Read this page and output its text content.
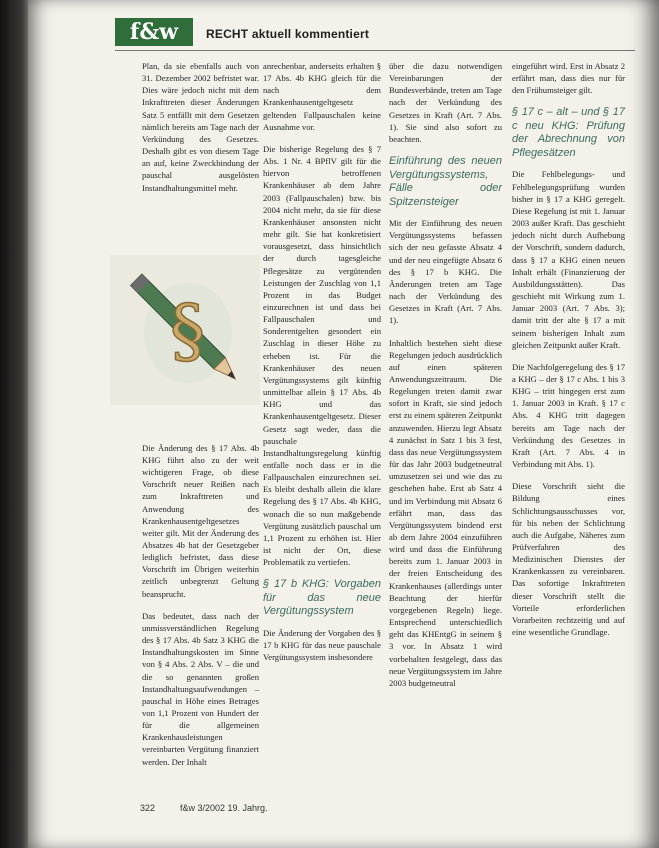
f&w	RECHT aktuell kommentiert

Plan, da sie ebenfalls auch von 31. Dezember 2002 befristet war. Dies wäre jedoch nicht mit dem Inkrafttreten dieser Änderungen Satz 5 entfällt mit dem Gesetzen nämlich bereits am Tage nach der Verkündung des Gesetzes. Deshalb gibt es von diesem Tage an auf, keine Zweckbindung der pauschal ausgelösten Instandhaltungsmittel mehr.

Die Änderung des § 17 Abs. 4b KHG führt also zu der weit wichtigeren Frage, ob diese Vorschrift neuer Reißen nach zum Inkrafttreten und Anwendung des Krankenhausentgeltgesetzes weiter gilt. Mit der Änderung des Absatzes 4b hat der Gesetzgeber lediglich befristet, dass diese Vorschrift im Übrigen weiterhin zeitlich unbegrenzt Geltung beansprucht.

Das bedeutet, dass nach der unmissverständlichen Regelung des § 17 Abs. 4b Satz 3 KHG die Instandhaltungskosten im Sinne von § 4 Abs. 2 Abs. V – die und die so genannten großen Instandhaltungsaufwendungen – pauschal in Höhe eines Betrages von 1,1 Prozent von Hundert der für die allgemeinen Krankenhausleistungen vereinbarten Vergütung finanziert werden. Der Inhalt

§

anrechenbar, anderseits erhalten § 17 Abs. 4b KHG gleich für die nach dem Krankenhausentgeltgesetz geltenden Fallpauschalen keine Ausnahme vor.

Die bisherige Regelung des § 7 Abs. 1 Nr. 4 BPflV gilt für die hiervon betroffenen Krankenhäuser ab dem Jahre 2003 (Fallpauschalen) bzw. bis 2004 nicht mehr, da sie für diese Krankenhäuser ansonsten nicht mehr gilt. Sie hat konkretisiert vorausgesetzt, dass hinsichtlich der durch tagesgleiche Pflegesätze zu vergütenden Leistungen der Zuschlag von 1,1 Prozent in das Budget einzurechnen ist und dass bei Fallpauschalen und Sonderentgelten gesondert ein Zuschlag in dieser Höhe zu erheben ist. Für die Krankenhäuser des neuen Vergütungssystems gilt künftig unmittelbar allein § 17 Abs. 4b KHG und das Krankenhausentgeltgesetz. Dieser Gesetz sagt weder, dass die pauschale Instandhaltungsregelung künftig entfalle noch dass er in die Fallpauschalen einzurechnen sei. Es bleibt deshalb allein die klare Regelung des § 17 Abs. 4b KHG, wonach die so nun maßgebende Vergütung zusätzlich pauschal um 1,1 Prozent zu erhöhen ist. Hier ist nicht der Ort, diese Problematik zu vertiefen.

§ 17 b KHG: Vorgaben für das neue Vergütungssystem

Die Änderung der Vorgaben des § 17 b KHG für das neue pauschale Vergütungssystem insbesondere

über die dazu notwendigen Vereinbarungen der Bundesverbände, treten am Tage nach der Verkündung des Gesetzes in Kraft (Art. 7 Abs. 1). Sie sind also sofort zu beachten.

Einführung des neuen Vergütungssystems, Fälle oder Spitzensteiger

Mit der Einführung des neuen Vergütungssystems befassen sich der neu gefasste Absatz 4 und der neu eingefügte Absatz 6 des § 17 b KHG. Die Änderungen treten am Tage nach der Verkündung des Gesetzes in Kraft (Art. 7 Abs. 1).

Inhaltlich bestehen sieht diese Regelungen jedoch ausdrücklich auf einen späteren Anwendungszeitraum. Die Regelungen treten damit zwar sofort in Kraft, sie sind jedoch erst zu einem späteren Zeitpunkt anzuwenden. Hierzu legt Absatz 4 zunächst in Satz 1 bis 3 fest, dass das neue Vergütungssystem für das Jahr 2003 budgetneutral umzusetzen sei und wie das zu geschehen habe. Erst ab Satz 4 und im Verbindung mit Absatz 6 erfährt man, dass das Vergütungssystem bindend erst ab dem Jahre 2004 einzuführen wird und dass die Einführung bereits zum 1. Januar 2003 in der freien Entscheidung des Krankenhauses (allerdings unter Beachtung der hierfür vorgegebenen Regeln) liege. Entsprechend unterschiedlich geht das KHEntgG in seinem § 3 vor. In Absatz 1 wird vorbehalten festgelegt, dass das neue Vergütungssystem im Jahre 2003 budgetneutral

eingeführt wird. Erst in Absatz 2 erfährt man, dass dies nur für den Frühumsteiger gilt.

§ 17 c – alt – und § 17 c neu KHG: Prüfung der Abrechnung von Pflegesätzen

Die Fehlbelegungs- und Fehlbelegungsprüfung wurden bisher in § 17 a KHG geregelt. Diese Regelung ist mit 1. Januar 2003 außer Kraft. Das geschieht jedoch nicht durch Aufhebung der Vorschrift, sondern dadurch, dass § 17 a KHG einen neuen Inhalt erhält (Finanzierung der Ausbildungsstätten). Das geschieht mit Wirkung zum 1. Januar 2003 (Art. 7 Abs. 3); damit tritt der alte § 17 a mit seinem bisherigen Inhalt zum gleichen Zeitpunkt außer Kraft.

Die Nachfolgeregelung des § 17 a KHG – der § 17 c Abs. 1 bis 3 KHG – tritt hingegen erst zum 1. Januar 2003 in Kraft. § 17 c Abs. 4 KHG tritt dagegen bereits am Tage nach der Verkündung des Gesetzes in Kraft (Art. 7 Abs. 4 in Verbindung mit Abs. 1).

Diese Vorschrift sieht die Bildung eines Schlichtungsausschusses vor, für bis neben der Schlichtung auch die Aufgabe, Näheres zum Prüfverfahren des Medizinischen Dienstes der Krankenkassen zu vereinbaren. Das sofortige Inkrafttreten dieser Vorschrift stellt die Vorteile erforderlichen Vorarbeiten rechtzeitig und auf eine wesentliche Grundlage.

322	f&w 3/2002 19. Jahrg.
